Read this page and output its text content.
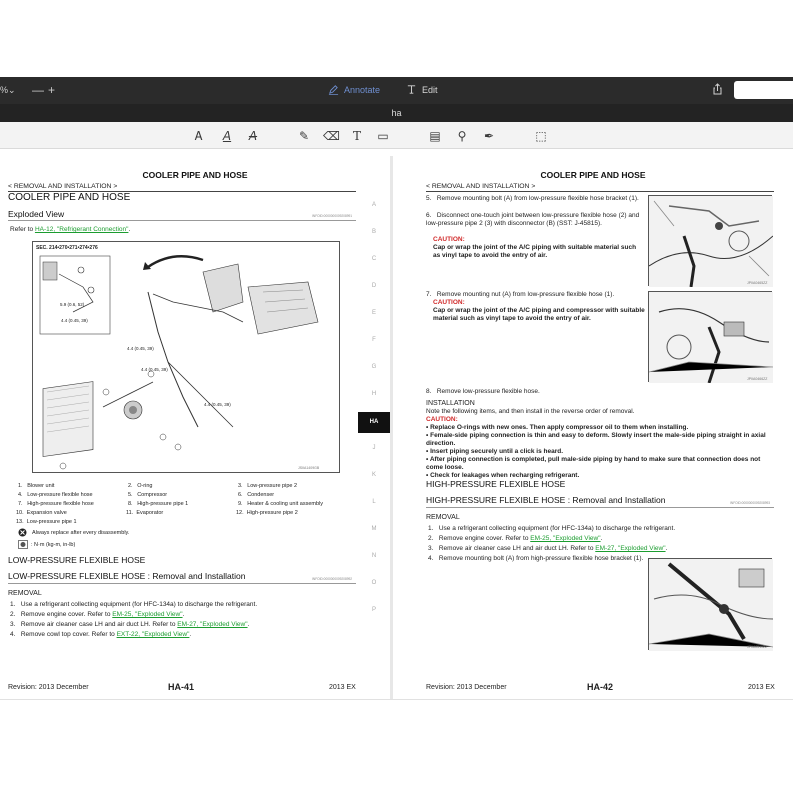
% ⌄ — +	Annotate	Edit
ha
Ꭺ	A	A	✎ ⌫	T	▭	▤ ⚲	✒	⬚
COOLER PIPE AND HOSE
< REMOVAL AND INSTALLATION >
COOLER PIPE AND HOSE
Exploded View	INFOID:0000000009208991
Refer to HA-12, "Refrigerant Connection".
SEC. 214•270•271•274•276
5.9 (0.6, 52)
4.4 (0.45, 39)
4.4 (0.45, 39)
4.4 (0.45, 39)
4.4 (0.45, 39)
JSIIA1409GB
1. Blower unit	2. O-ring	3. Low-pressure pipe 2
4. Low-pressure flexible hose	5. Compressor	6. Condenser
7. High-pressure flexible hose	8. High-pressure pipe 1	9. Heater & cooling unit assembly
10. Expansion valve	11. Evaporator	12. High-pressure pipe 2
13. Low-pressure pipe 1
Always replace after every disassembly.
: N·m (kg-m, in-lb)
LOW-PRESSURE FLEXIBLE HOSE
LOW-PRESSURE FLEXIBLE HOSE : Removal and Installation	INFOID:0000000009208992
REMOVAL
1. Use a refrigerant collecting equipment (for HFC-134a) to discharge the refrigerant.
2. Remove engine cover. Refer to EM-25, "Exploded View".
3. Remove air cleaner case LH and air duct LH. Refer to EM-27, "Exploded View".
4. Remove cowl top cover. Refer to EXT-22, "Exploded View".
Revision: 2013 December	HA-41	2013 EX
A
B
C
D
E
F
G
H
HA
J
K
L
M
N
O
P
COOLER PIPE AND HOSE
< REMOVAL AND INSTALLATION >
5. Remove mounting bolt (A) from low-pressure flexible hose bracket (1).
6. Disconnect one-touch joint between low-pressure flexible hose (2) and low-pressure pipe 2 (3) with disconnector (B) (SST: J-45815).
CAUTION:
Cap or wrap the joint of the A/C piping with suitable material such as vinyl tape to avoid the entry of air.
JPIIA0465ZZ
7. Remove mounting nut (A) from low-pressure flexible hose (1).
CAUTION:
Cap or wrap the joint of the A/C piping and compressor with suitable material such as vinyl tape to avoid the entry of air.
JPIIA0466ZZ
8. Remove low-pressure flexible hose.
INSTALLATION
Note the following items, and then install in the reverse order of removal.
CAUTION:
• Replace O-rings with new ones. Then apply compressor oil to them when installing.
• Female-side piping connection is thin and easy to deform. Slowly insert the male-side piping straight in axial direction.
• Insert piping securely until a click is heard.
• After piping connection is completed, pull male-side piping by hand to make sure that connection does not come loose.
• Check for leakages when recharging refrigerant.
HIGH-PRESSURE FLEXIBLE HOSE
HIGH-PRESSURE FLEXIBLE HOSE : Removal and Installation	INFOID:0000000009208993
REMOVAL
1. Use a refrigerant collecting equipment (for HFC-134a) to discharge the refrigerant.
2. Remove engine cover. Refer to EM-25, "Exploded View".
3. Remove air cleaner case LH and air duct LH. Refer to EM-27, "Exploded View".
4. Remove mounting bolt (A) from high-pressure flexible hose bracket (1).
JPIIA0511ZZ
Revision: 2013 December	HA-42	2013 EX
